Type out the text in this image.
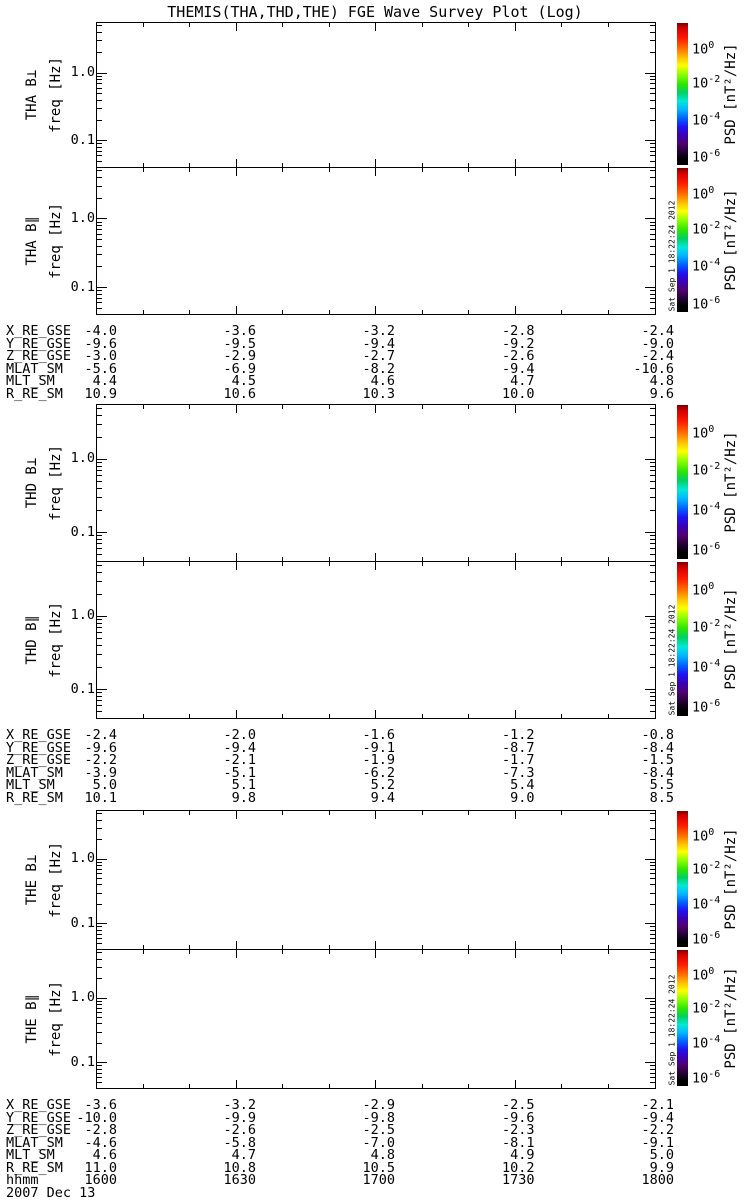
THEMIS(THA,THD,THE) FGE Wave Survey Plot (Log)
THA B⊥ freq [Hz] 1.0
0.1
$10^0$
$10^{-2}$
$10^{-4}$
$10^{-6}$
PSD [nT²/Hz]
THA B∥ freq [Hz] 1.0
0.1
$10^0$
$10^{-2}$
$10^{-4}$
$10^{-6}$
PSD [nT²/Hz]
Sat Sep 1 18:22:24 2012
X_RE_GSE -4.0	-3.6	-3.2	-2.8	-2.4
Y_RE_GSE -9.6	-9.5	-9.4	-9.2	-9.0
Z_RE_GSE -3.0	-2.9	-2.7	-2.6	-2.4
MLAT_SM	-5.6	-6.9	-8.2	-9.4	-10.6
MLT_SM	4.4	4.5	4.6	4.7	4.8
R_RE_SM	10.9	10.6	10.3	10.0	9.6
THD B⊥ freq [Hz] 1.0
0.1
$10^0$
$10^{-2}$
$10^{-4}$
$10^{-6}$
PSD [nT²/Hz]
THD B∥ freq [Hz] 1.0
0.1
$10^0$
$10^{-2}$
$10^{-4}$
$10^{-6}$
PSD [nT²/Hz]
Sat Sep 1 18:22:24 2012
X_RE_GSE -2.4	-2.0	-1.6	-1.2	-0.8
Y_RE_GSE -9.6	-9.4	-9.1	-8.7	-8.4
Z_RE_GSE -2.2	-2.1	-1.9	-1.7	-1.5
MLAT_SM	-3.9	-5.1	-6.2	-7.3	-8.4
MLT_SM	5.0	5.1	5.2	5.4	5.5
R_RE_SM	10.1	9.8	9.4	9.0	8.5
THE B⊥ freq [Hz] 1.0
0.1
$10^0$
$10^{-2}$
$10^{-4}$
$10^{-6}$
PSD [nT²/Hz]
THE B∥ freq [Hz] 1.0
0.1
$10^0$
$10^{-2}$
$10^{-4}$
$10^{-6}$
PSD [nT²/Hz]
Sat Sep 1 18:22:24 2012
X_RE_GSE -3.6	-3.2	-2.9	-2.5	-2.1
Y_RE_GSE -10.0	-9.9	-9.8	-9.6	-9.4
Z_RE_GSE -2.8	-2.6	-2.5	-2.3	-2.2
MLAT_SM	-4.6	-5.8	-7.0	-8.1	-9.1
MLT_SM	4.6	4.7	4.8	4.9	5.0
R_RE_SM	11.0	10.8	10.5	10.2	9.9
hhmm	1600	1630	1700	1730	1800
2007 Dec 13
